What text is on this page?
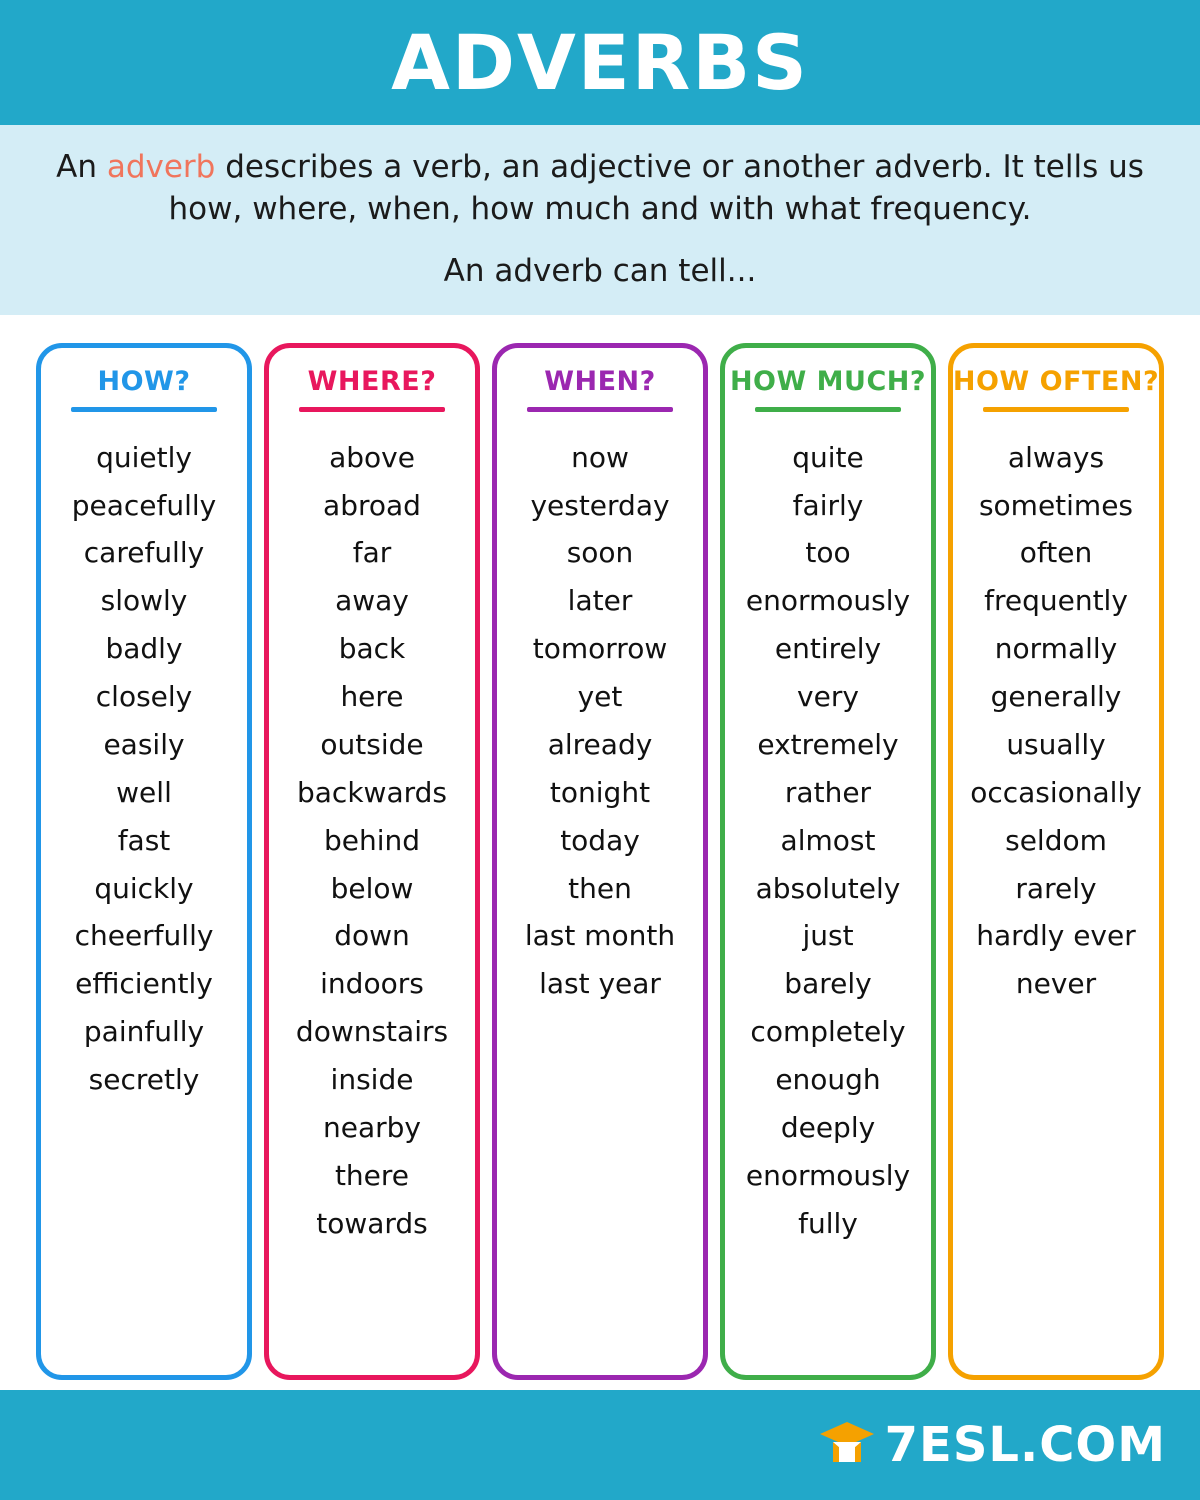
ADVERBS
An adverb describes a verb, an adjective or another adverb. It tells us how, where, when, how much and with what frequency.
An adverb can tell...
HOW?
quietly
peacefully
carefully
slowly
badly
closely
easily
well
fast
quickly
cheerfully
efficiently
painfully
secretly
WHERE?
above
abroad
far
away
back
here
outside
backwards
behind
below
down
indoors
downstairs
inside
nearby
there
towards
WHEN?
now
yesterday
soon
later
tomorrow
yet
already
tonight
today
then
last month
last year
HOW MUCH?
quite
fairly
too
enormously
entirely
very
extremely
rather
almost
absolutely
just
barely
completely
enough
deeply
enormously
fully
HOW OFTEN?
always
sometimes
often
frequently
normally
generally
usually
occasionally
seldom
rarely
hardly ever
never
7ESL.COM
